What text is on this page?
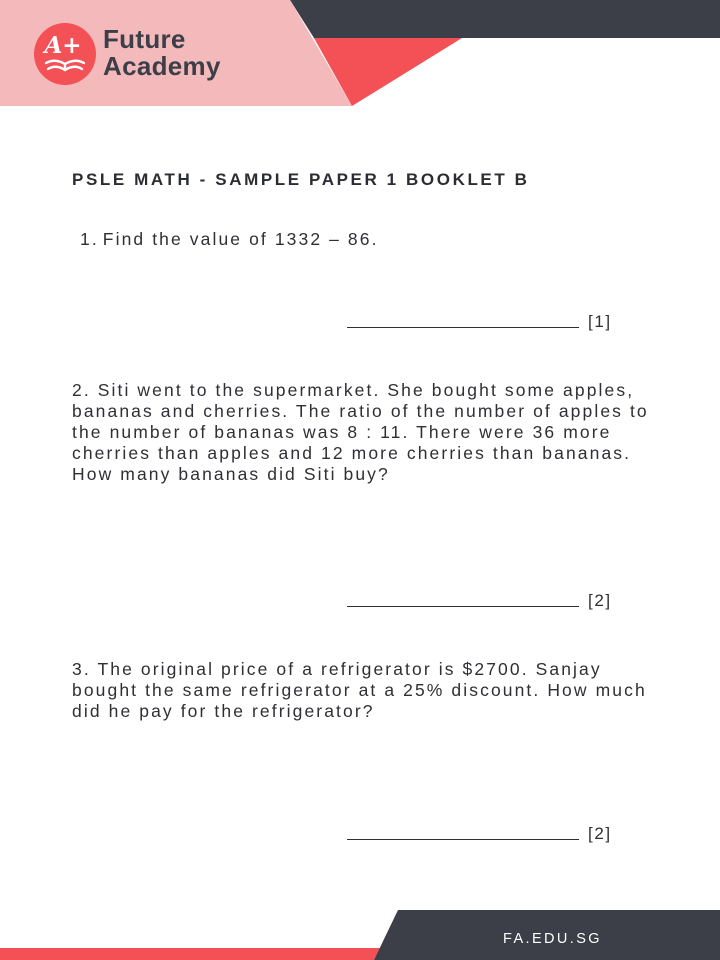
A+ Future
Academy
PSLE MATH - SAMPLE PAPER 1 BOOKLET B

1. Find the value of 1332 – 86.

[1]

2. Siti went to the supermarket. She bought some apples, bananas and cherries. The ratio of the number of apples to the number of bananas was 8 : 11. There were 36 more cherries than apples and 12 more cherries than bananas. How many bananas did Siti buy?

[2]

3. The original price of a refrigerator is $2700. Sanjay bought the same refrigerator at a 25% discount. How much did he pay for the refrigerator?

[2]
FA.EDU.SG
